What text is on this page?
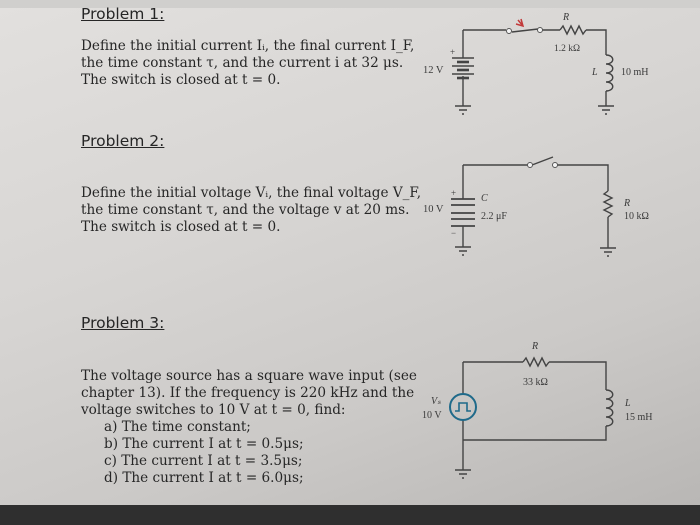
Problem 1:
Define the initial current Iᵢ, the final current I_F,
the time constant τ, and the current i at 32 μs.
The switch is closed at t = 0.
Problem 2:
Define the initial voltage Vᵢ, the final voltage V_F,
the time constant τ, and the voltage v at 20 ms.
The switch is closed at t = 0.
Problem 3:
The voltage source has a square wave input (see
chapter 13). If the frequency is 220 kHz and the
voltage switches to 10 V at t = 0, find:
a) The time constant;
b) The current I at t = 0.5μs;
c) The current I at t = 3.5μs;
d) The current I at t = 6.0μs;
R
1.2 kΩ
12 V
+
L 10 mH
10 V
+
−
C
2.2 μF
R
10 kΩ
R
33 kΩ
Vₛ
10 V
L
15 mH
